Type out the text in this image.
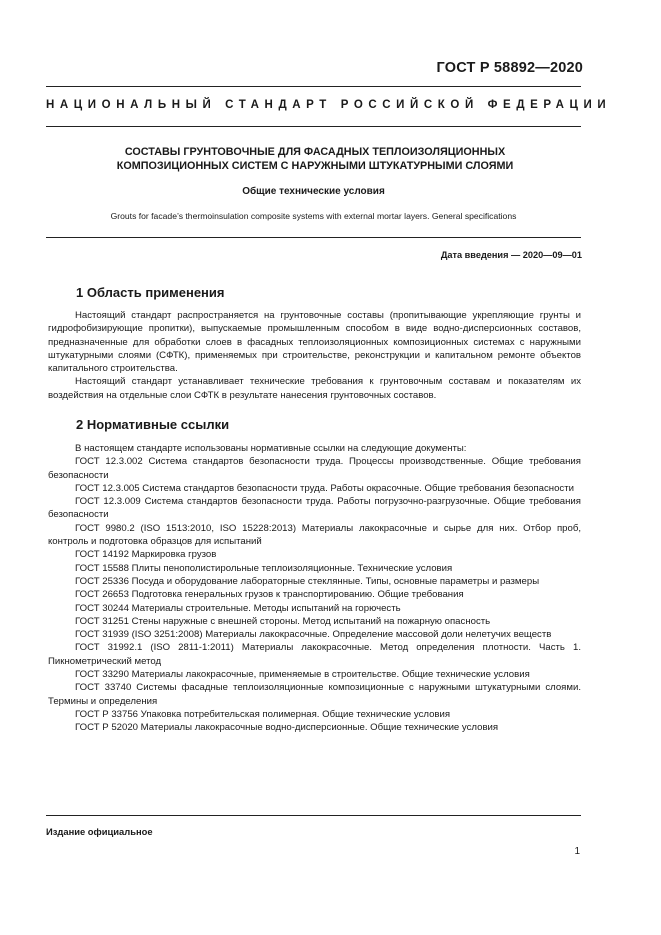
ГОСТ Р 58892—2020
НАЦИОНАЛЬНЫЙ СТАНДАРТ РОССИЙСКОЙ ФЕДЕРАЦИИ
СОСТАВЫ ГРУНТОВОЧНЫЕ ДЛЯ ФАСАДНЫХ ТЕПЛОИЗОЛЯЦИОННЫХ
КОМПОЗИЦИОННЫХ СИСТЕМ С НАРУЖНЫМИ ШТУКАТУРНЫМИ СЛОЯМИ
Общие технические условия
Grouts for facade’s thermoinsulation composite systems with external mortar layers. General specifications
Дата введения — 2020—09—01
1 Область применения

Настоящий стандарт распространяется на грунтовочные составы (пропитывающие укрепляющие грунты и гидрофобизирующие пропитки), выпускаемые промышленным способом в виде водно-дисперсионных составов, предназначенные для обработки слоев в фасадных теплоизоляционных композиционных системах с наружными штукатурными слоями (СФТК), применяемых при строительстве, реконструкции и капитальном ремонте объектов капитального строительства.

Настоящий стандарт устанавливает технические требования к грунтовочным составам и показателям их воздействия на отдельные слои СФТК в результате нанесения грунтовочных составов.

2 Нормативные ссылки

В настоящем стандарте использованы нормативные ссылки на следующие документы:

ГОСТ 12.3.002 Система стандартов безопасности труда. Процессы производственные. Общие требования безопасности

ГОСТ 12.3.005 Система стандартов безопасности труда. Работы окрасочные. Общие требования безопасности

ГОСТ 12.3.009 Система стандартов безопасности труда. Работы погрузочно-разгрузочные. Общие требования безопасности

ГОСТ 9980.2 (ISO 1513:2010, ISO 15228:2013) Материалы лакокрасочные и сырье для них. Отбор проб, контроль и подготовка образцов для испытаний

ГОСТ 14192 Маркировка грузов

ГОСТ 15588 Плиты пенополистирольные теплоизоляционные. Технические условия

ГОСТ 25336 Посуда и оборудование лабораторные стеклянные. Типы, основные параметры и размеры

ГОСТ 26653 Подготовка генеральных грузов к транспортированию. Общие требования

ГОСТ 30244 Материалы строительные. Методы испытаний на горючесть

ГОСТ 31251 Стены наружные с внешней стороны. Метод испытаний на пожарную опасность

ГОСТ 31939 (ISO 3251:2008) Материалы лакокрасочные. Определение массовой доли нелетучих веществ

ГОСТ 31992.1 (ISO 2811-1:2011) Материалы лакокрасочные. Метод определения плотности. Часть 1. Пикнометрический метод

ГОСТ 33290 Материалы лакокрасочные, применяемые в строительстве. Общие технические условия

ГОСТ 33740 Системы фасадные теплоизоляционные композиционные с наружными штукатурными слоями. Термины и определения

ГОСТ Р 33756 Упаковка потребительская полимерная. Общие технические условия

ГОСТ Р 52020 Материалы лакокрасочные водно-дисперсионные. Общие технические условия

Издание официальное
1
